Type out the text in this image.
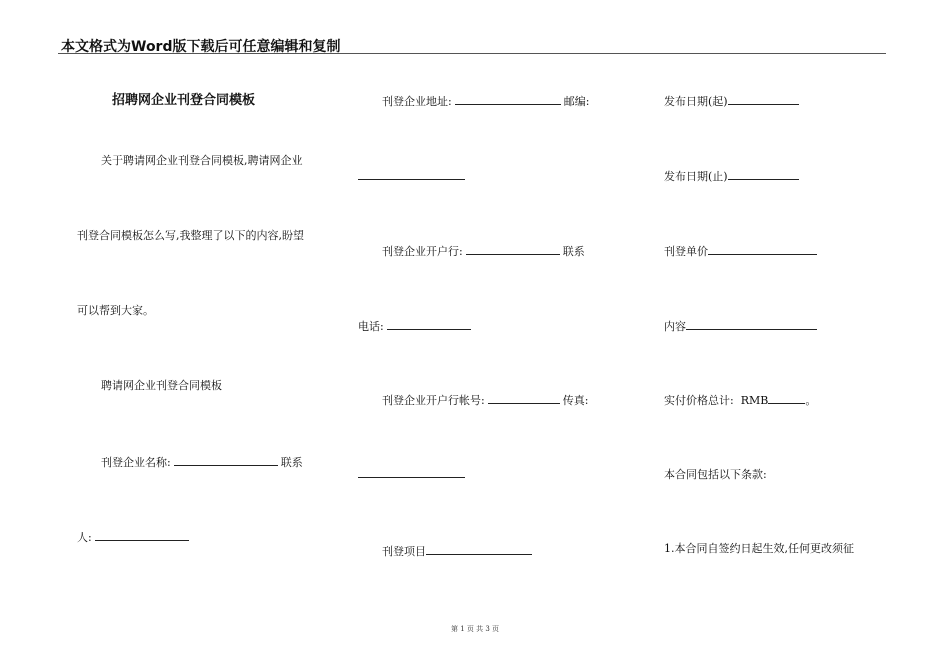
本文格式为Word版下载后可任意编辑和复制
招聘网企业刊登合同模板
关于聘请网企业刊登合同模板,聘请网企业
刊登合同模板怎么写,我整理了以下的内容,盼望
可以帮到大家。
聘请网企业刊登合同模板
刊登企业名称:	联系
人:
刊登企业地址:	邮编:
刊登企业开户行:	联系
电话:
刊登企业开户行帐号:	传真:
刊登项目
发布日期(起)
发布日期(止)
刊登单价
内容
实付价格总计: RMB	。
本合同包括以下条款:
1.本合同自签约日起生效,任何更改须征
第 1 页 共 3 页
